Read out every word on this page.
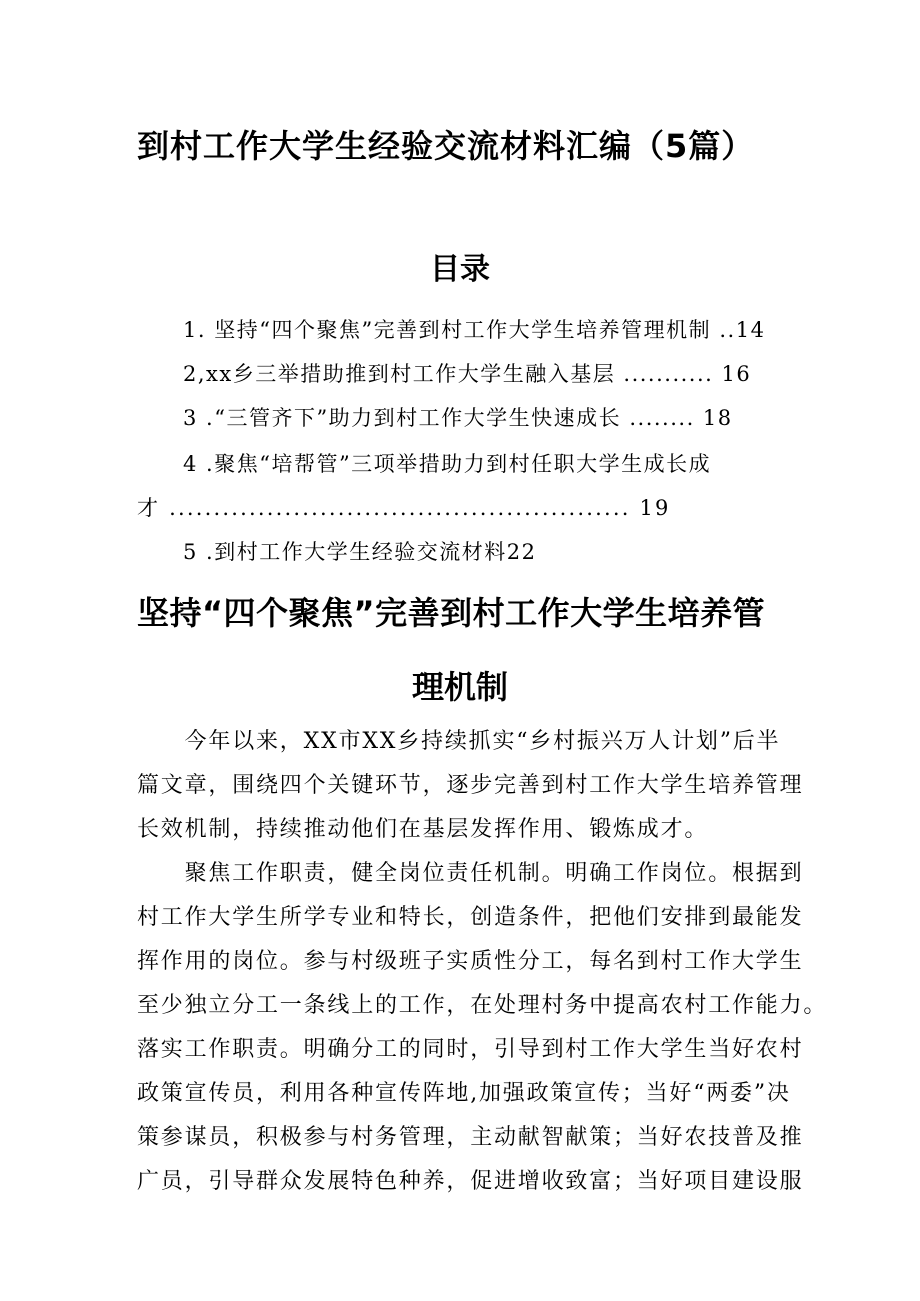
到村工作大学生经验交流材料汇编（5篇）
目录
1. 坚持“四个聚焦”完善到村工作大学生培养管理机制 ..14
2,xx乡三举措助推到村工作大学生融入基层 ........... 16
3 .“三管齐下”助力到村工作大学生快速成长 ........ 18
4 .聚焦“培帮管”三项举措助力到村任职大学生成长成
才 .................................................... 19
5 .到村工作大学生经验交流材料22
坚持“四个聚焦”完善到村工作大学生培养管
理机制
　　今年以来，XX市XX乡持续抓实“乡村振兴万人计划”后半
篇文章，围绕四个关键环节，逐步完善到村工作大学生培养管理
长效机制，持续推动他们在基层发挥作用、锻炼成才。
　　聚焦工作职责，健全岗位责任机制。明确工作岗位。根据到
村工作大学生所学专业和特长，创造条件，把他们安排到最能发
挥作用的岗位。参与村级班子实质性分工，每名到村工作大学生
至少独立分工一条线上的工作，在处理村务中提高农村工作能力。
落实工作职责。明确分工的同时，引导到村工作大学生当好农村
政策宣传员，利用各种宣传阵地,加强政策宣传；当好“两委”决
策参谋员，积极参与村务管理，主动献智献策；当好农技普及推
广员，引导群众发展特色种养，促进增收致富；当好项目建设服
